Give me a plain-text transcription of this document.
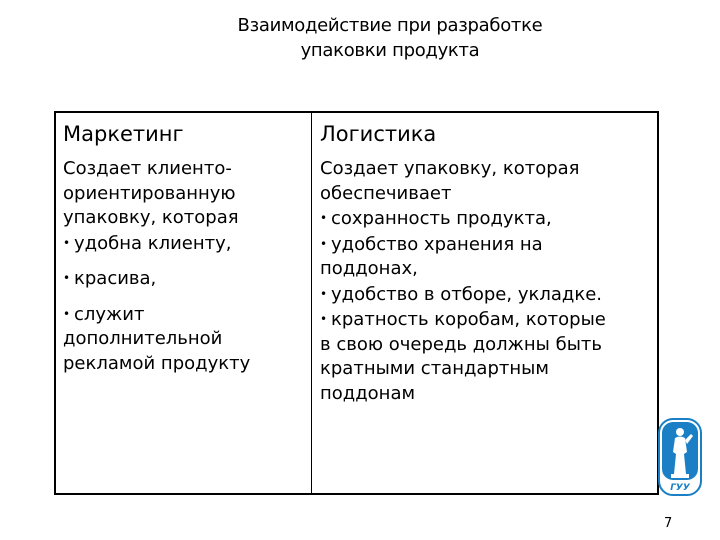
Взаимодействие при разработке
упаковки продукта
Маркетинг
Создает клиенто-
ориентированную
упаковку, которая
• удобна клиенту,
• красива,
• служит
дополнительной
рекламой продукту
Логистика
Создает упаковку, которая
обеспечивает
• сохранность продукта,
• удобство хранения на
поддонах,
• удобство в отборе, укладке.
• кратность коробам, которые
в свою очередь должны быть
кратными стандартным
поддонам
ГУУ
7
